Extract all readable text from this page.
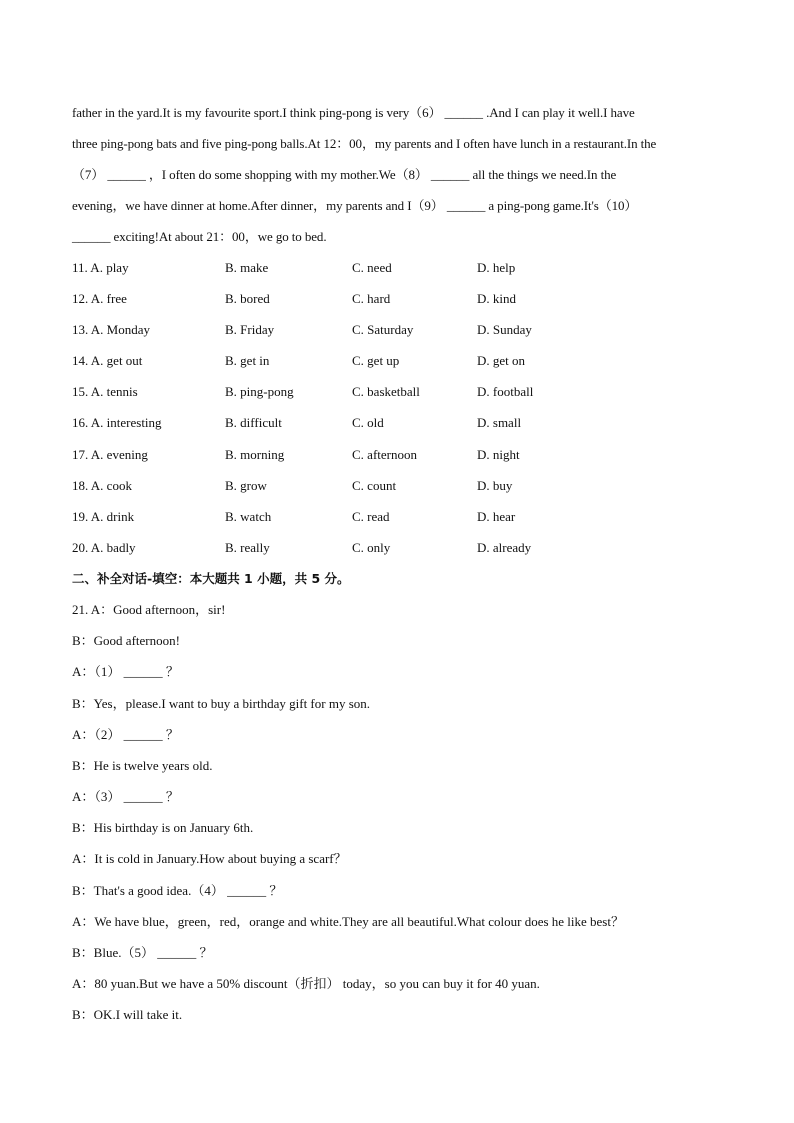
father in the yard.It is my favourite sport.I think ping-pong is very（6） ______ .And I can play it well.I have
three ping-pong bats and five ping-pong balls.At 12：00，my parents and I often have lunch in a restaurant.In the
（7） ______ ，I often do some shopping with my mother.We（8） ______ all the things we need.In the
evening，we have dinner at home.After dinner，my parents and I（9） ______ a ping-pong game.It's（10）
______ exciting!At about 21：00，we go to bed.
11. A. play	B. make	C. need	D. help
12. A. free	B. bored	C. hard	D. kind
13. A. Monday	B. Friday	C. Saturday	D. Sunday
14. A. get out	B. get in	C. get up	D. get on
15. A. tennis	B. ping-pong	C. basketball	D. football
16. A. interesting	B. difficult	C. old	D. small
17. A. evening	B. morning	C. afternoon	D. night
18. A. cook	B. grow	C. count	D. buy
19. A. drink	B. watch	C. read	D. hear
20. A. badly	B. really	C. only	D. already
二、补全对话-填空：本大题共 1 小题，共 5 分。
21. A：Good afternoon，sir!
B：Good afternoon!
A：（1） ______ ？
B：Yes，please.I want to buy a birthday gift for my son.
A：（2） ______ ？
B：He is twelve years old.
A：（3） ______ ？
B：His birthday is on January 6th.
A：It is cold in January.How about buying a scarf？
B：That's a good idea.（4） ______ ？
A：We have blue，green，red，orange and white.They are all beautiful.What colour does he like best？
B：Blue.（5） ______ ？
A：80 yuan.But we have a 50% discount（折扣） today，so you can buy it for 40 yuan.
B：OK.I will take it.
